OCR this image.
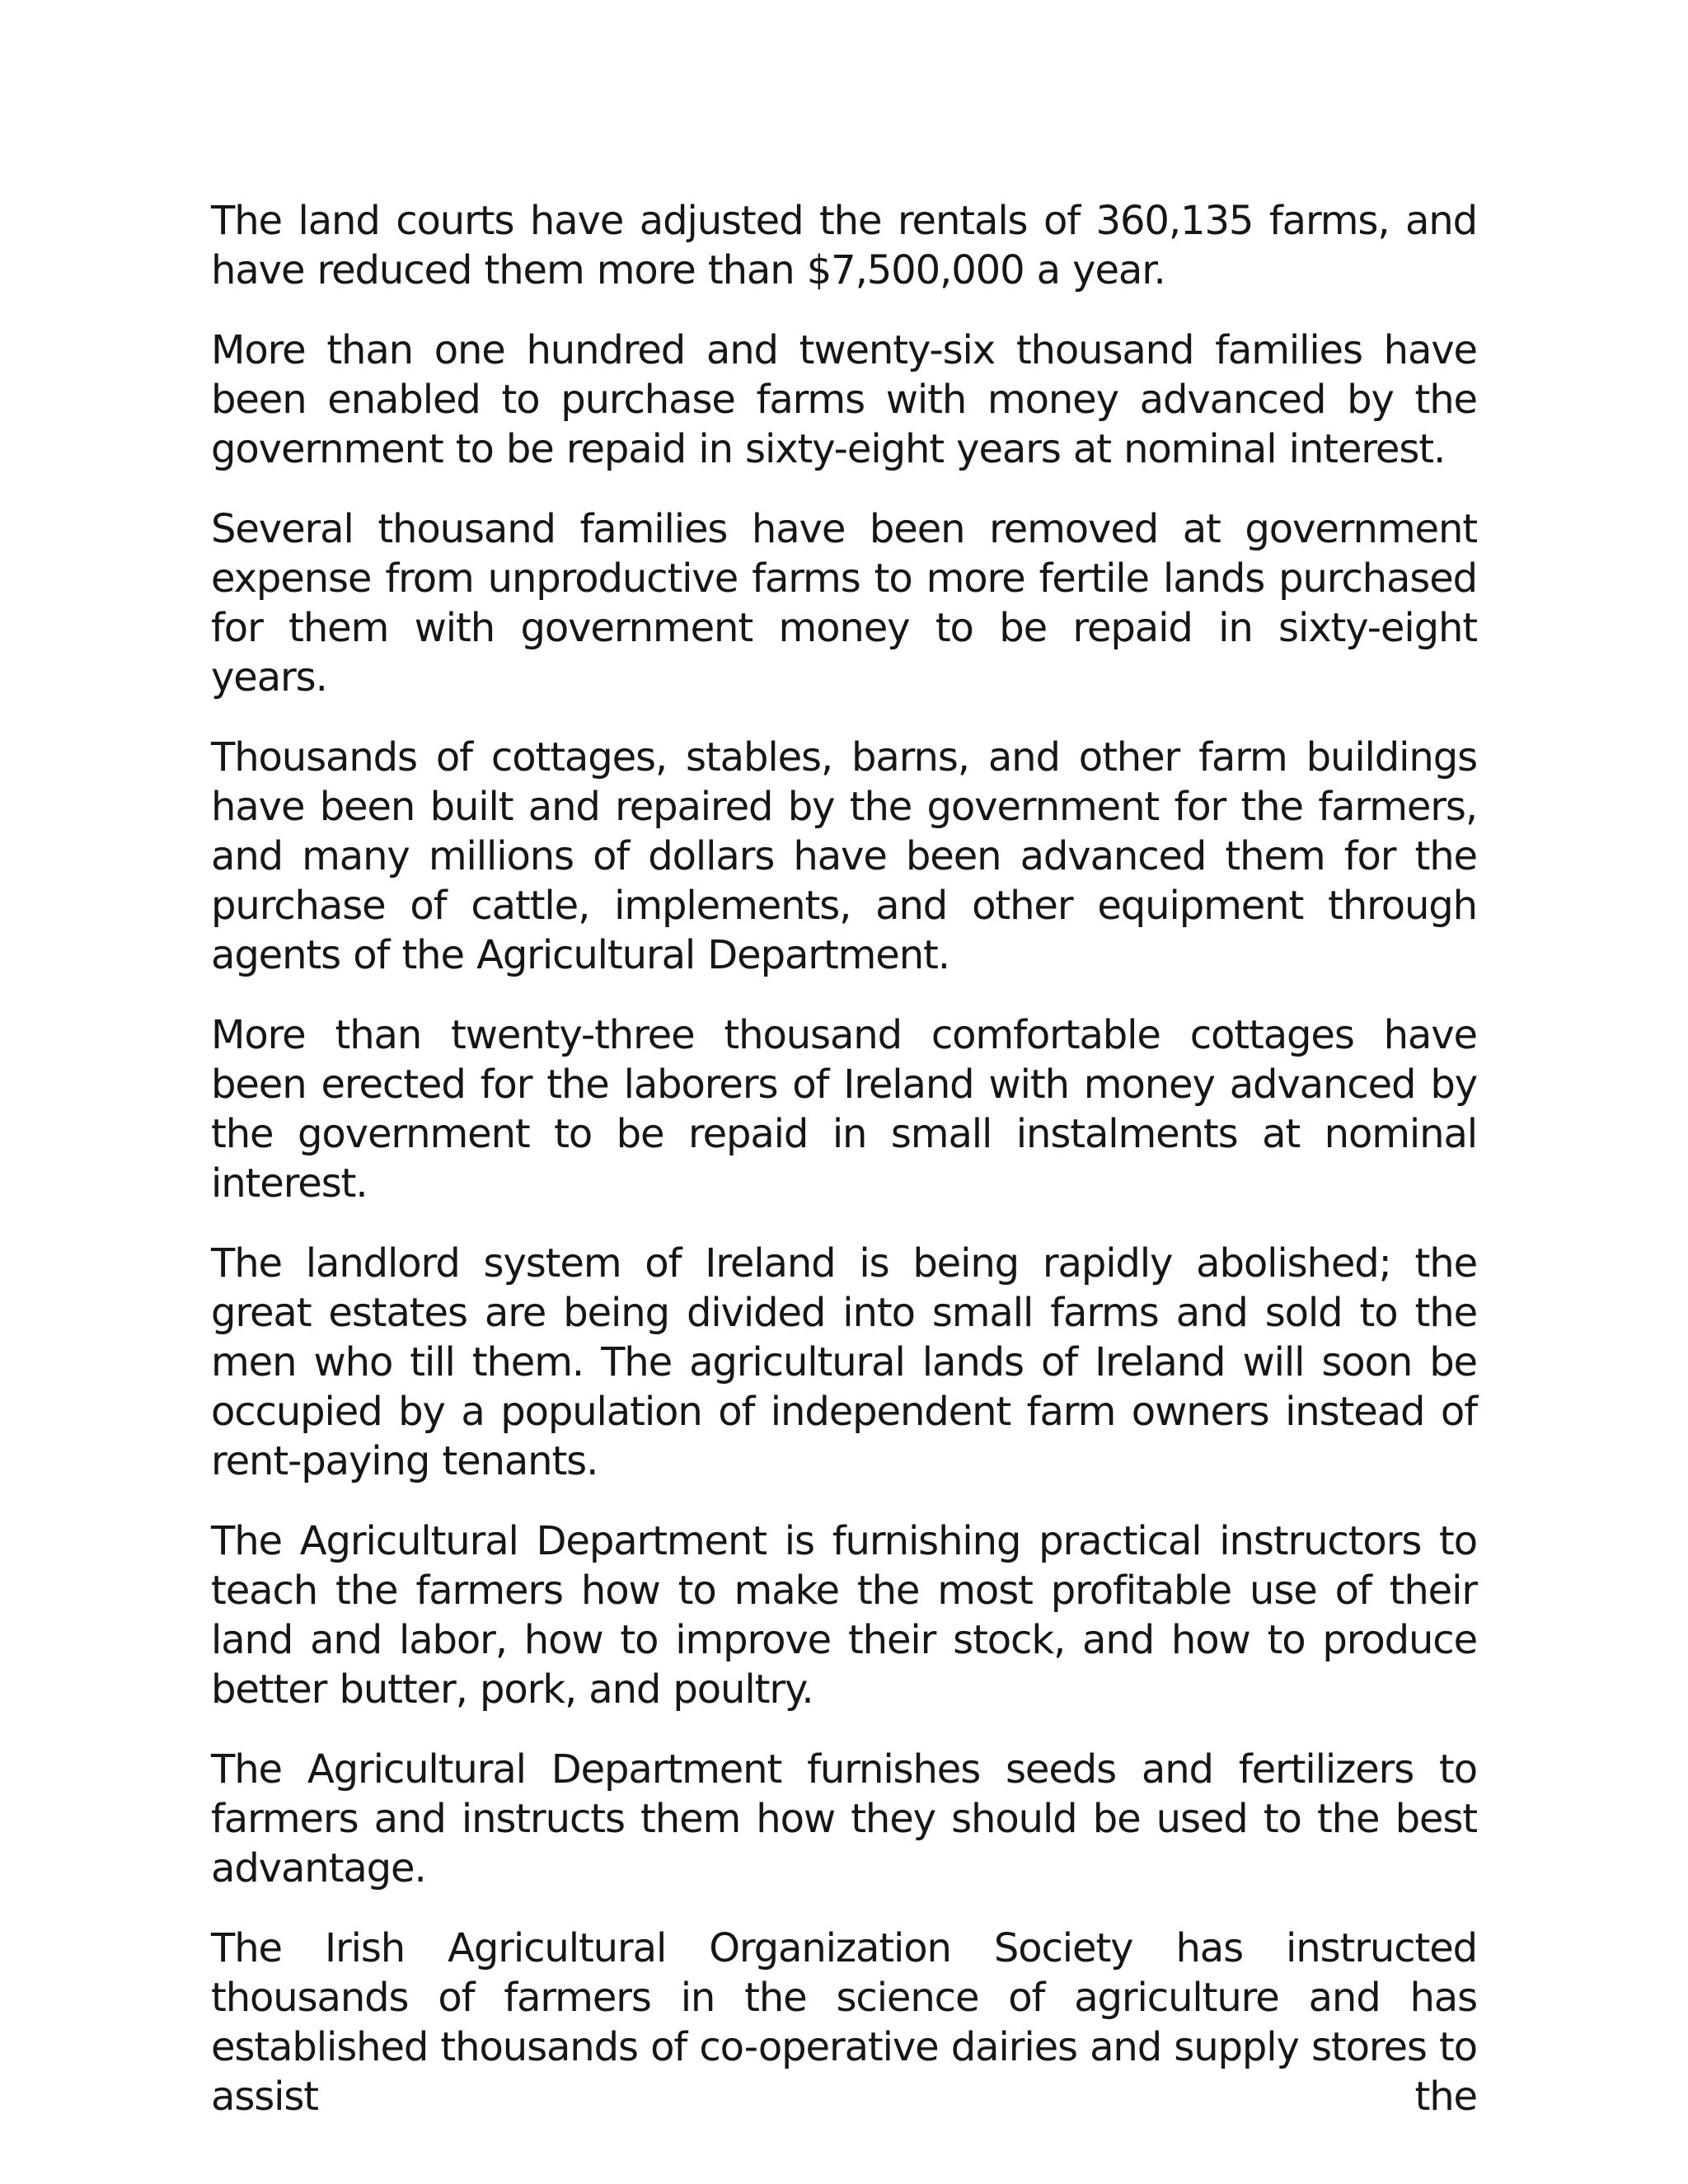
The land courts have adjusted the rentals of 360,135 farms, and have reduced them more than $7,500,000 a year.

More than one hundred and twenty-six thousand families have been enabled to purchase farms with money advanced by the government to be repaid in sixty-eight years at nominal interest.

Several thousand families have been removed at government expense from unproductive farms to more fertile lands purchased for them with government money to be repaid in sixty-eight years.

Thousands of cottages, stables, barns, and other farm buildings have been built and repaired by the government for the farmers, and many millions of dollars have been advanced them for the purchase of cattle, implements, and other equipment through agents of the Agricultural Department.

More than twenty-three thousand comfortable cottages have been erected for the laborers of Ireland with money advanced by the government to be repaid in small instalments at nominal interest.

The landlord system of Ireland is being rapidly abolished; the great estates are being divided into small farms and sold to the men who till them. The agricultural lands of Ireland will soon be occupied by a population of independent farm owners instead of rent-paying tenants.

The Agricultural Department is furnishing practical instructors to teach the farmers how to make the most profitable use of their land and labor, how to improve their stock, and how to produce better butter, pork, and poultry.

The Agricultural Department furnishes seeds and fertilizers to farmers and instructs them how they should be used to the best advantage.

The Irish Agricultural Organization Society has instructed thousands of farmers in the science of agriculture and has established thousands of co-operative dairies and supply stores to assist the
